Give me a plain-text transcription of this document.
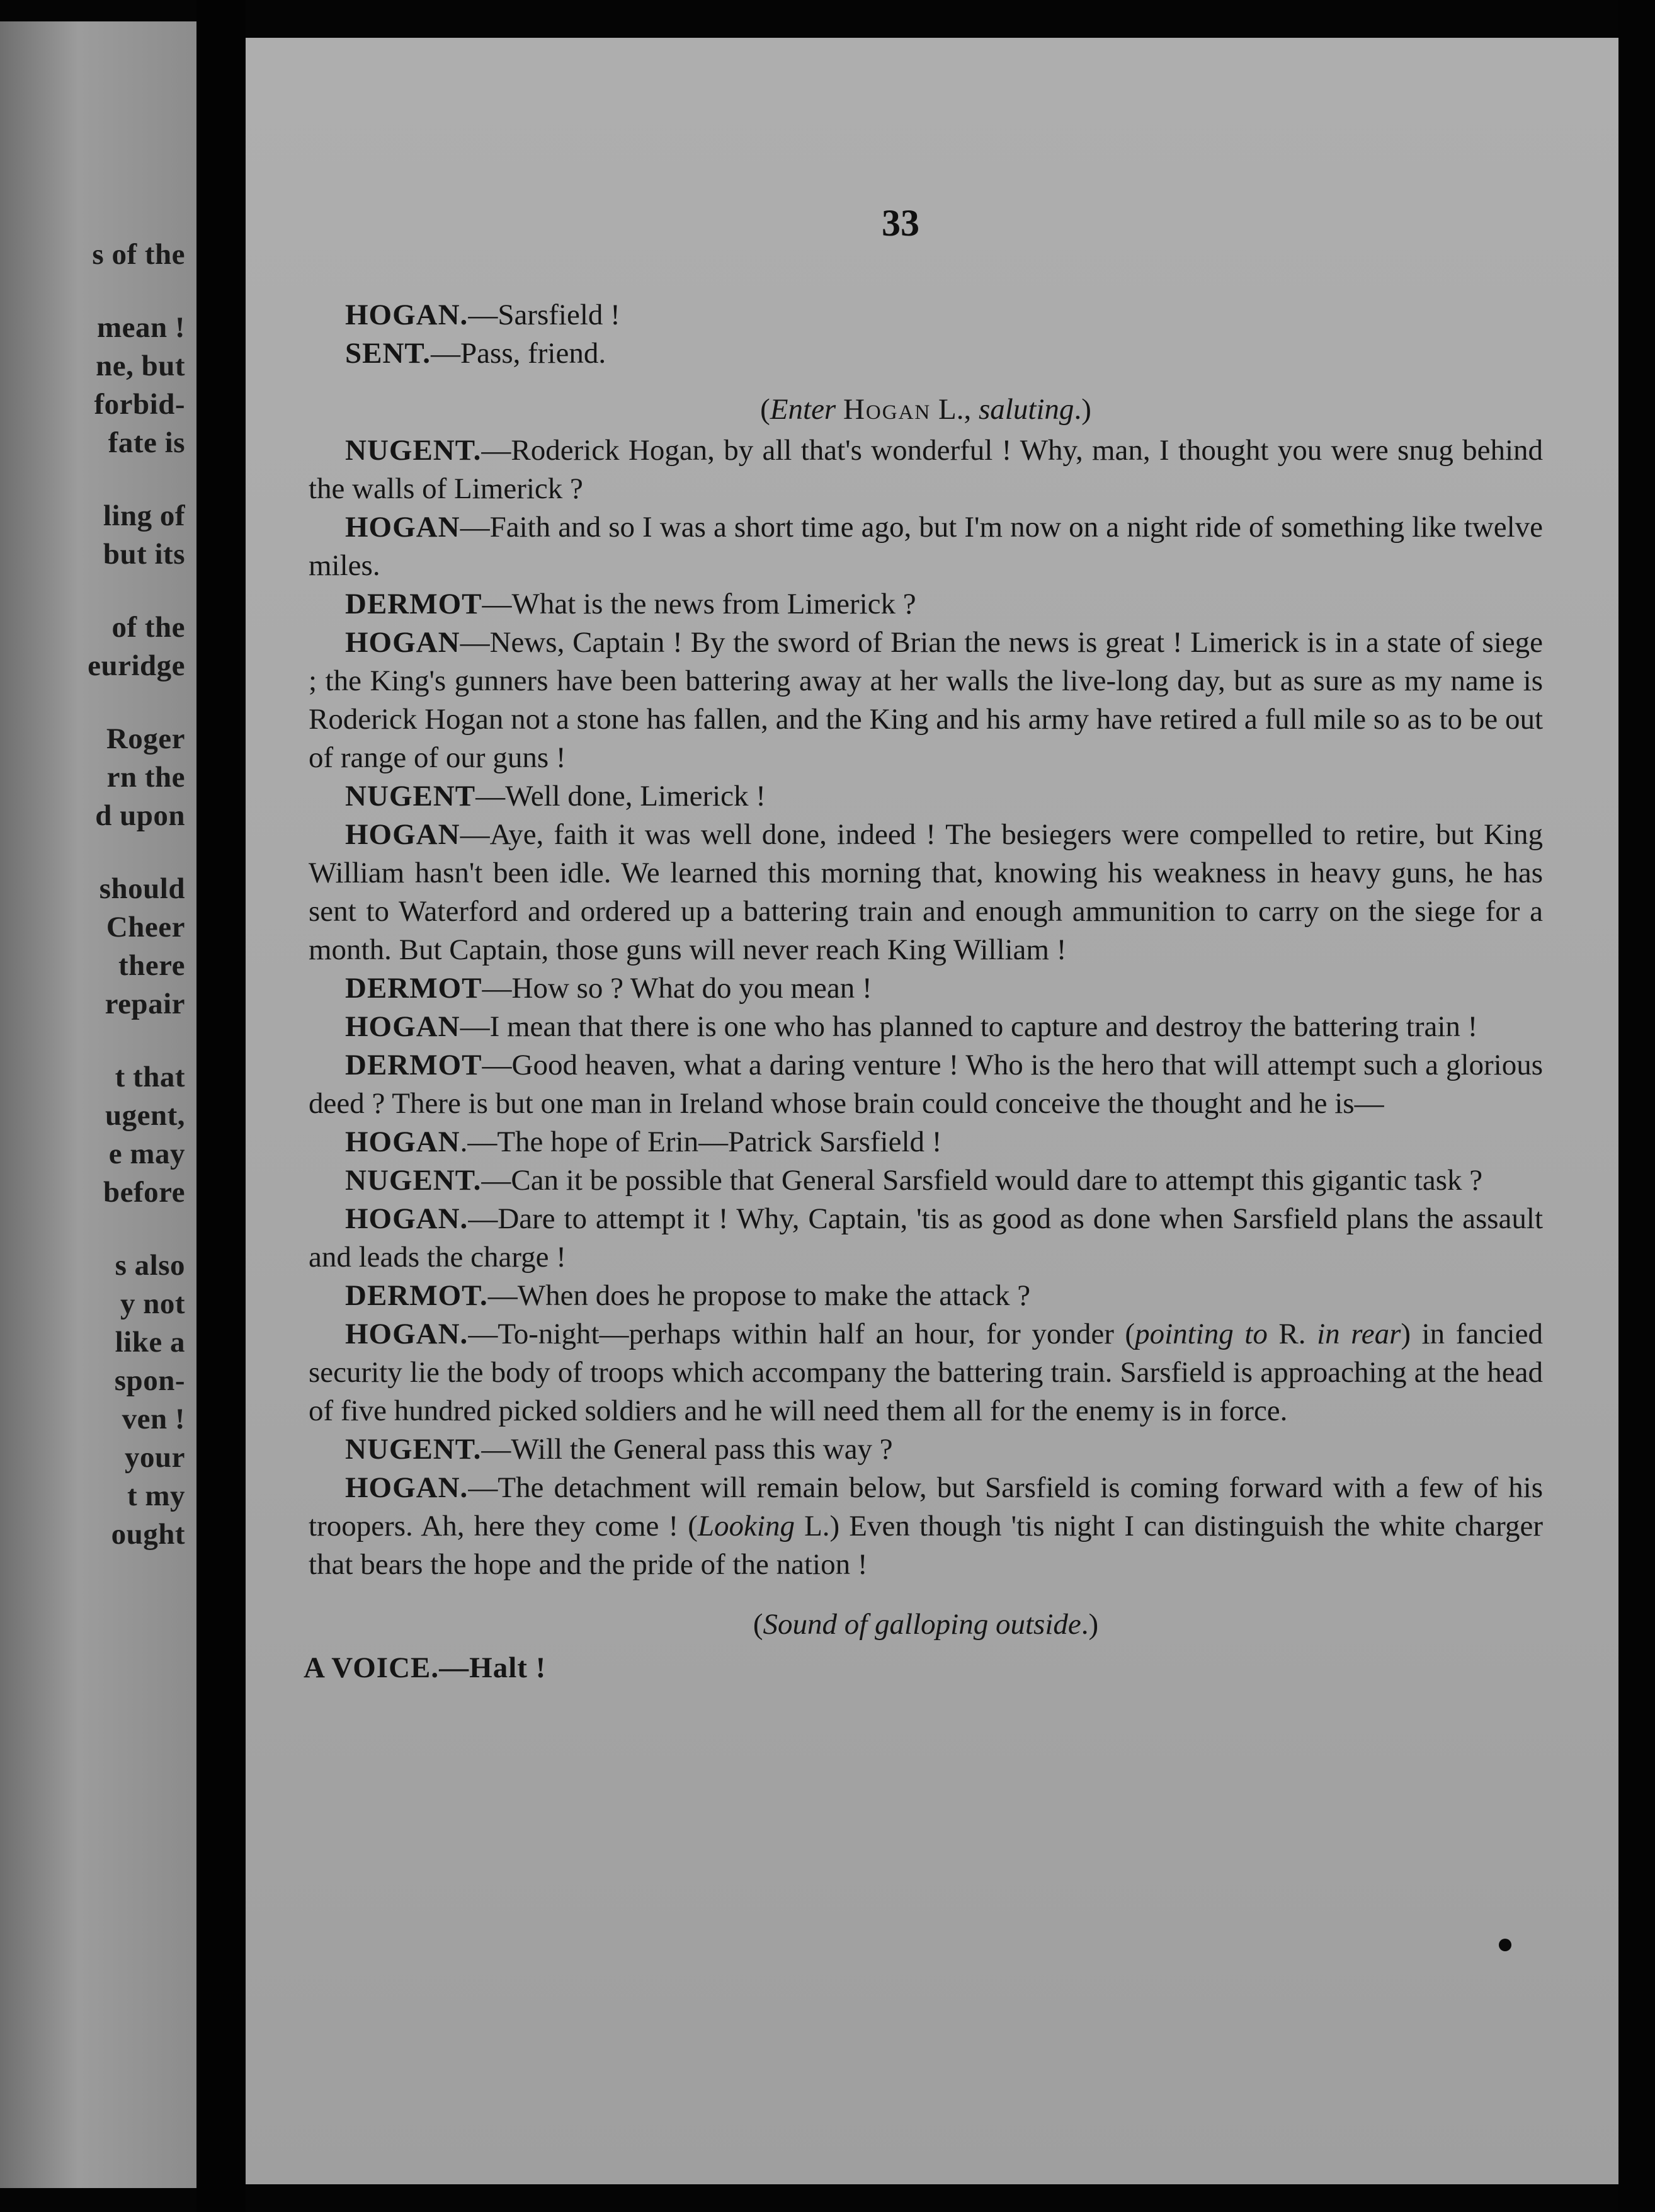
s of the
mean !
ne, but
forbid-
fate is
ling of
but its
of the
euridge
Roger
rn the
d upon
should
Cheer
there
repair
t that
ugent,
e may
before
s also
y not
like a
spon-
ven !
your
t my
ought
33

HOGAN.—Sarsfield !

SENT.—Pass, friend.

(Enter Hogan L., saluting.)

NUGENT.—Roderick Hogan, by all that's wonderful ! Why, man, I thought you were snug behind the walls of Limerick ?

HOGAN—Faith and so I was a short time ago, but I'm now on a night ride of something like twelve miles.

DERMOT—What is the news from Limerick ?

HOGAN—News, Captain ! By the sword of Brian the news is great ! Limerick is in a state of siege ; the King's gunners have been battering away at her walls the live-long day, but as sure as my name is Roderick Hogan not a stone has fallen, and the King and his army have retired a full mile so as to be out of range of our guns !

NUGENT—Well done, Limerick !

HOGAN—Aye, faith it was well done, indeed ! The besiegers were compelled to retire, but King William hasn't been idle. We learned this morning that, knowing his weakness in heavy guns, he has sent to Waterford and ordered up a battering train and enough ammunition to carry on the siege for a month. But Captain, those guns will never reach King William !

DERMOT—How so ? What do you mean !

HOGAN—I mean that there is one who has planned to capture and destroy the battering train !

DERMOT—Good heaven, what a daring venture ! Who is the hero that will attempt such a glorious deed ? There is but one man in Ireland whose brain could conceive the thought and he is—

HOGAN.—The hope of Erin—Patrick Sarsfield !

NUGENT.—Can it be possible that General Sarsfield would dare to attempt this gigantic task ?

HOGAN.—Dare to attempt it ! Why, Captain, 'tis as good as done when Sarsfield plans the assault and leads the charge !

DERMOT.—When does he propose to make the attack ?

HOGAN.—To-night—perhaps within half an hour, for yonder (pointing to R. in rear) in fancied security lie the body of troops which accompany the battering train. Sarsfield is approaching at the head of five hundred picked soldiers and he will need them all for the enemy is in force.

NUGENT.—Will the General pass this way ?

HOGAN.—The detachment will remain below, but Sarsfield is coming forward with a few of his troopers. Ah, here they come ! (Looking L.) Even though 'tis night I can distinguish the white charger that bears the hope and the pride of the nation !

(Sound of galloping outside.)

A VOICE.—Halt !
